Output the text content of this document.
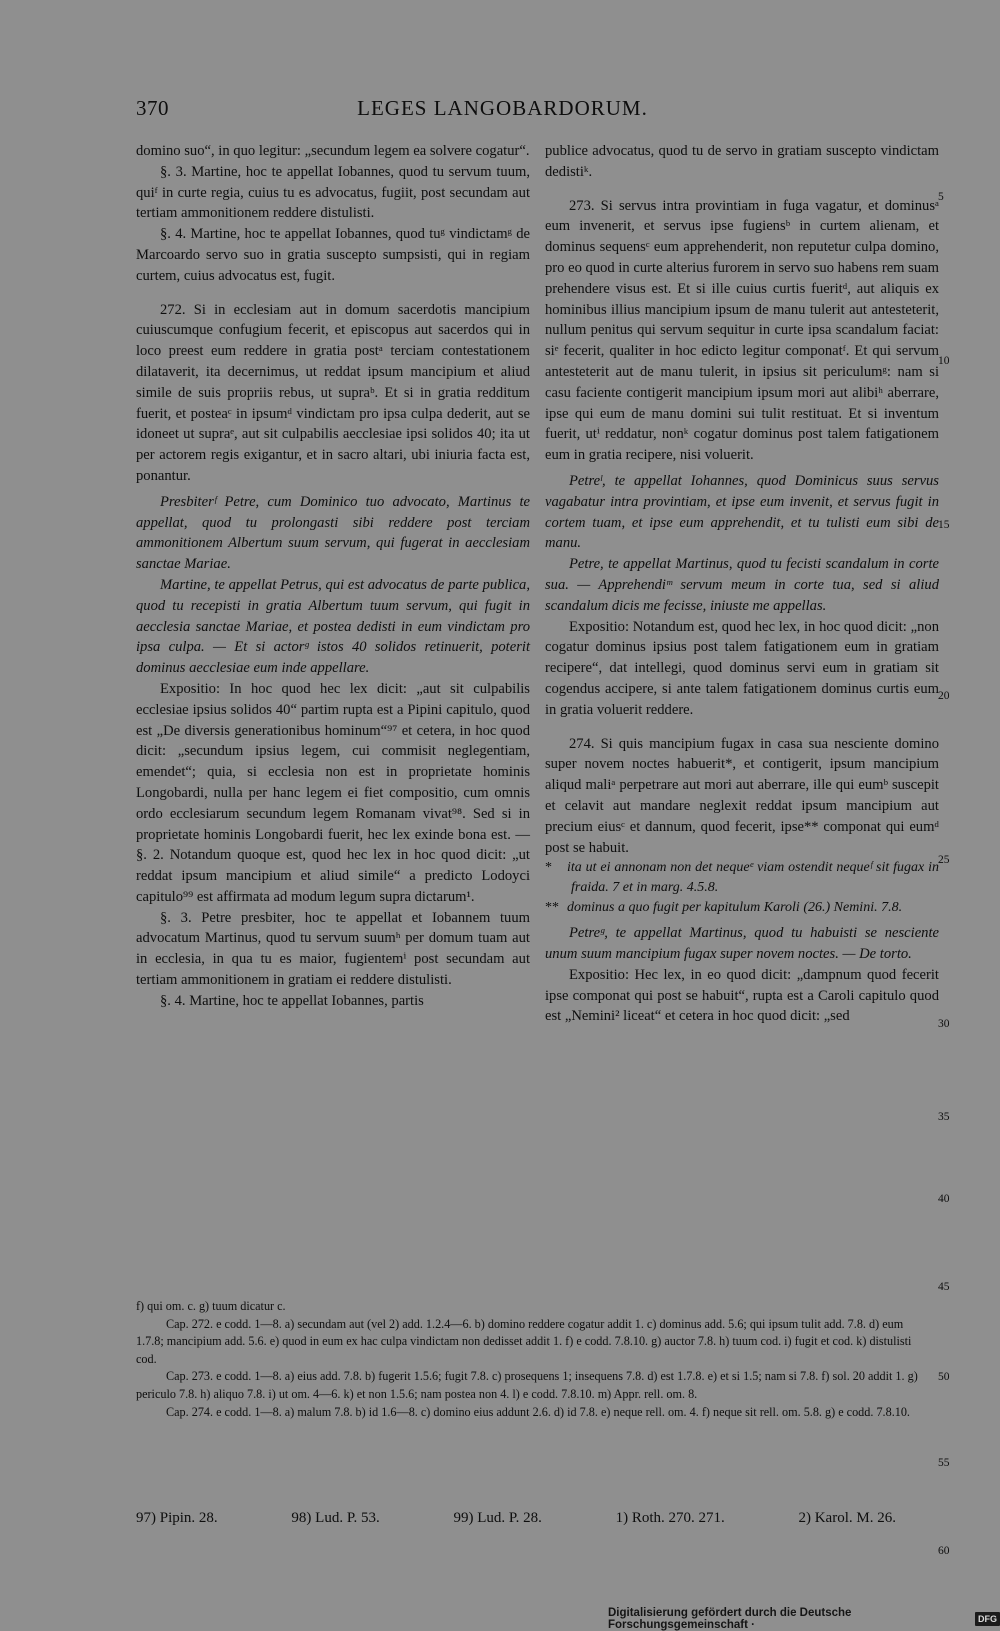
370	LEGES LANGOBARDORUM.

domino suo“, in quo legitur: „secundum legem ea solvere cogatur“.

§. 3. Martine, hoc te appellat Iobannes, quod tu servum tuum, quiᶠ in curte regia, cuius tu es advocatus, fugiit, post secundam aut tertiam ammonitionem reddere distulisti.

§. 4. Martine, hoc te appellat Iobannes, quod tuᵍ vindictamᵍ de Marcoardo servo suo in gratia suscepto sumpsisti, qui in regiam curtem, cuius advocatus est, fugit.

272. Si in ecclesiam aut in domum sacerdotis mancipium cuiuscumque confugium fecerit, et episcopus aut sacerdos qui in loco preest eum reddere in gratia postᵃ terciam contestationem dilataverit, ita decernimus, ut reddat ipsum mancipium et aliud simile de suis propriis rebus, ut supraᵇ. Et si in gratia redditum fuerit, et posteaᶜ in ipsumᵈ vindictam pro ipsa culpa dederit, aut se idoneet ut supraᵉ, aut sit culpabilis aecclesiae ipsi solidos 40; ita ut per actorem regis exigantur, et in sacro altari, ubi iniuria facta est, ponantur.

Presbiterᶠ Petre, cum Dominico tuo advocato, Martinus te appellat, quod tu prolongasti sibi reddere post terciam ammonitionem Albertum suum servum, qui fugerat in aecclesiam sanctae Mariae.

Martine, te appellat Petrus, qui est advocatus de parte publica, quod tu recepisti in gratia Albertum tuum servum, qui fugit in aecclesia sanctae Mariae, et postea dedisti in eum vindictam pro ipsa culpa. — Et si actorᵍ istos 40 solidos retinuerit, poterit dominus aecclesiae eum inde appellare.

Expositio: In hoc quod hec lex dicit: „aut sit culpabilis ecclesiae ipsius solidos 40“ partim rupta est a Pipini capitulo, quod est „De diversis generationibus hominum“⁹⁷ et cetera, in hoc quod dicit: „secundum ipsius legem, cui commisit neglegentiam, emendet“; quia, si ecclesia non est in proprietate hominis Longobardi, nulla per hanc legem ei fiet compositio, cum omnis ordo ecclesiarum secundum legem Romanam vivat⁹⁸. Sed si in proprietate hominis Longobardi fuerit, hec lex exinde bona est. — §. 2. Notandum quoque est, quod hec lex in hoc quod dicit: „ut reddat ipsum mancipium et aliud simile“ a predicto Lodoyci capitulo⁹⁹ est affirmata ad modum legum supra dictarum¹.

§. 3. Petre presbiter, hoc te appellat et Iobannem tuum advocatum Martinus, quod tu servum suumʰ per domum tuam aut in ecclesia, in qua tu es maior, fugientemⁱ post secundam aut tertiam ammonitionem in gratiam ei reddere distulisti.

§. 4. Martine, hoc te appellat Iobannes, partis

publice advocatus, quod tu de servo in gratiam suscepto vindictam dedistiᵏ.

273. Si servus intra provintiam in fuga vagatur, et dominusᵃ eum invenerit, et servus ipse fugiensᵇ in curtem alienam, et dominus sequensᶜ eum apprehenderit, non reputetur culpa domino, pro eo quod in curte alterius furorem in servo suo habens rem suam prehendere visus est. Et si ille cuius curtis fueritᵈ, aut aliquis ex hominibus illius mancipium ipsum de manu tulerit aut antesteterit, nullum penitus qui servum sequitur in curte ipsa scandalum faciat: siᵉ fecerit, qualiter in hoc edicto legitur componatᶠ. Et qui servum antesteterit aut de manu tulerit, in ipsius sit periculumᵍ: nam si casu faciente contigerit mancipium ipsum mori aut alibiʰ aberrare, ipse qui eum de manu domini sui tulit restituat. Et si inventum fuerit, utⁱ reddatur, nonᵏ cogatur dominus post talem fatigationem eum in gratia recipere, nisi voluerit.

Petreˡ, te appellat Iohannes, quod Dominicus suus servus vagabatur intra provintiam, et ipse eum invenit, et servus fugit in cortem tuam, et ipse eum apprehendit, et tu tulisti eum sibi de manu.

Petre, te appellat Martinus, quod tu fecisti scandalum in corte sua. — Apprehendiᵐ servum meum in corte tua, sed si aliud scandalum dicis me fecisse, iniuste me appellas.

Expositio: Notandum est, quod hec lex, in hoc quod dicit: „non cogatur dominus ipsius post talem fatigationem eum in gratiam recipere“, dat intellegi, quod dominus servi eum in gratiam sit cogendus accipere, si ante talem fatigationem dominus curtis eum in gratia voluerit reddere.

274. Si quis mancipium fugax in casa sua nesciente domino super novem noctes habuerit*, et contigerit, ipsum mancipium aliqud maliᵃ perpetrare aut mori aut aberrare, ille qui eumᵇ suscepit et celavit aut mandare neglexit reddat ipsum mancipium aut precium eiusᶜ et dannum, quod fecerit, ipse** componat qui eumᵈ post se habuit.

* ita ut ei annonam non det nequeᵉ viam ostendit nequeᶠ sit fugax in fraida. 7 et in marg. 4.5.8.

** dominus a quo fugit per kapitulum Karoli (26.) Nemini. 7.8.

Petreᵍ, te appellat Martinus, quod tu habuisti se nesciente unum suum mancipium fugax super novem noctes. — De torto.

Expositio: Hec lex, in eo quod dicit: „dampnum quod fecerit ipse componat qui post se habuit“, rupta est a Caroli capitulo quod est „Nemini² liceat“ et cetera in hoc quod dicit: „sed

5
10
15
20
25
30
35
40
45
50
55
60

f) qui om. c. g) tuum dicatur c.

Cap. 272. e codd. 1—8. a) secundam aut (vel 2) add. 1.2.4—6. b) domino reddere cogatur addit 1. c) dominus add. 5.6; qui ipsum tulit add. 7.8. d) eum 1.7.8; mancipium add. 5.6. e) quod in eum ex hac culpa vindictam non dedisset addit 1. f) e codd. 7.8.10. g) auctor 7.8. h) tuum cod. i) fugit et cod. k) distulisti cod.

Cap. 273. e codd. 1—8. a) eius add. 7.8. b) fugerit 1.5.6; fugit 7.8. c) prosequens 1; insequens 7.8. d) est 1.7.8. e) et si 1.5; nam si 7.8. f) sol. 20 addit 1. g) periculo 7.8. h) aliquo 7.8. i) ut om. 4—6. k) et non 1.5.6; nam postea non 4. l) e codd. 7.8.10. m) Appr. rell. om. 8.

Cap. 274. e codd. 1—8. a) malum 7.8. b) id 1.6—8. c) domino eius addunt 2.6. d) id 7.8. e) neque rell. om. 4. f) neque sit rell. om. 5.8. g) e codd. 7.8.10.

97) Pipin. 28.	98) Lud. P. 53.	99) Lud. P. 28.	1) Roth. 270. 271.	2) Karol. M. 26.
Digitalisierung gefördert durch die Deutsche Forschungsgemeinschaft ·	DFG
